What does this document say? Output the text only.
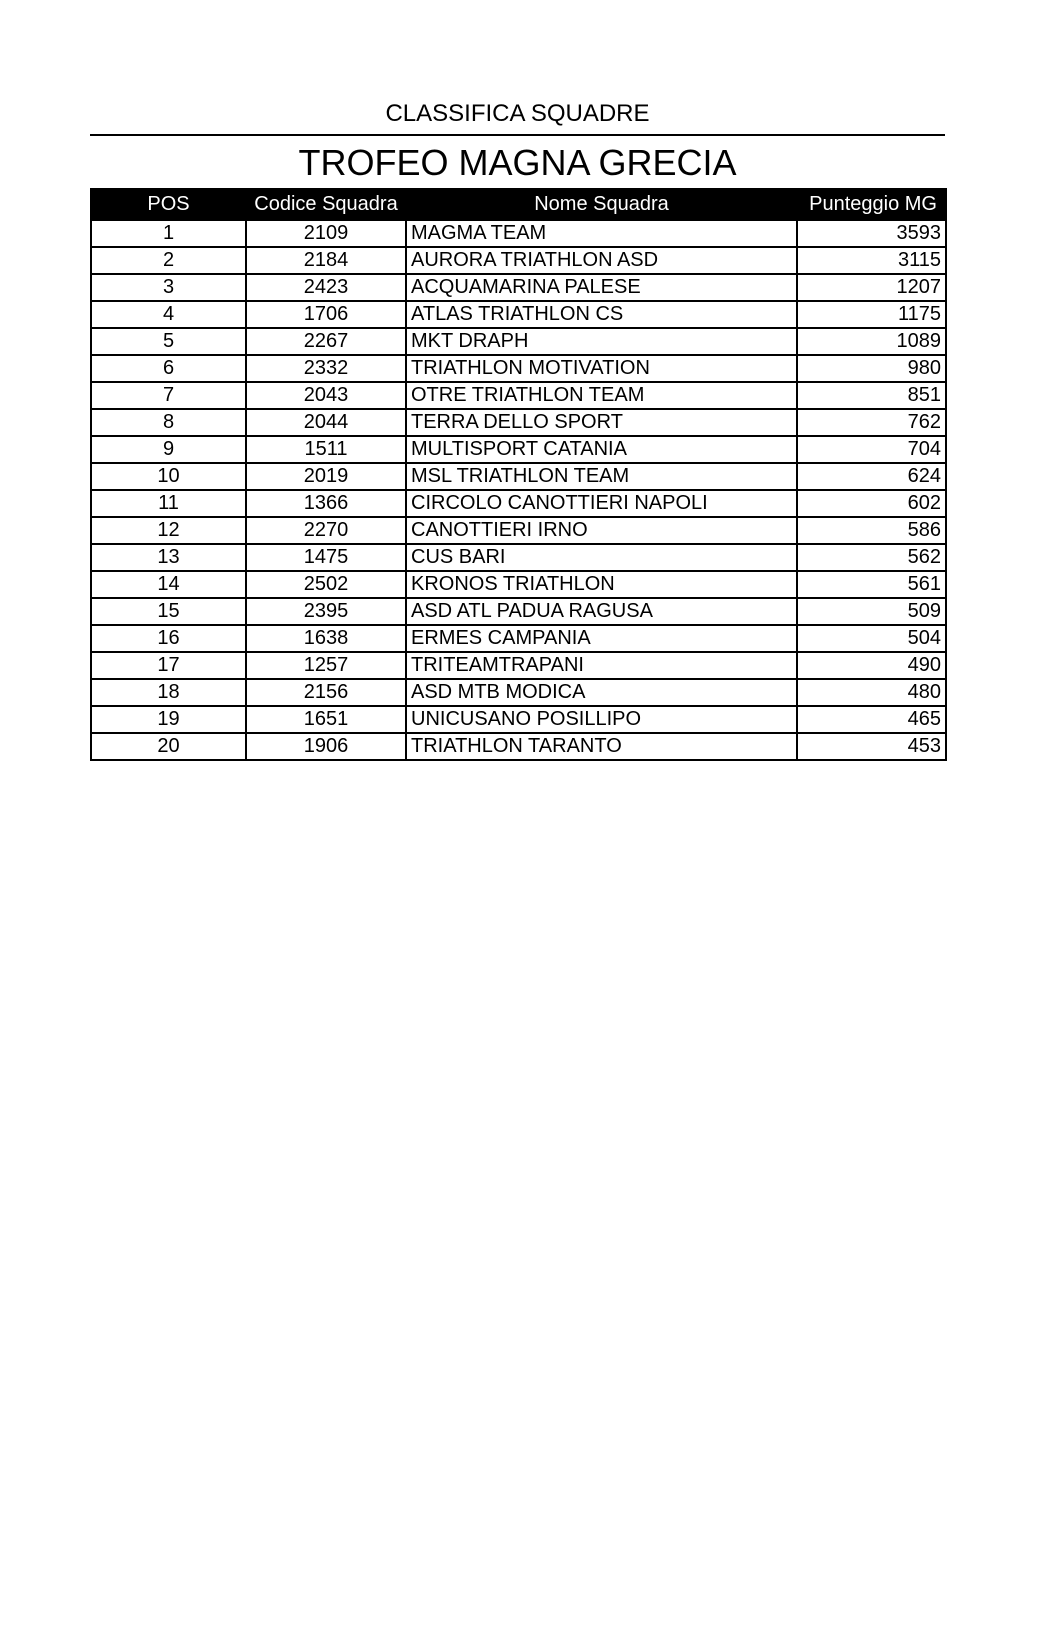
CLASSIFICA SQUADRE
TROFEO MAGNA GRECIA
POS	Codice Squadra	Nome Squadra	Punteggio MG
1	2109	MAGMA TEAM	3593
2	2184	AURORA TRIATHLON ASD	3115
3	2423	ACQUAMARINA PALESE	1207
4	1706	ATLAS TRIATHLON CS	1175
5	2267	MKT DRAPH	1089
6	2332	TRIATHLON MOTIVATION	980
7	2043	OTRE TRIATHLON TEAM	851
8	2044	TERRA DELLO SPORT	762
9	1511	MULTISPORT CATANIA	704
10	2019	MSL TRIATHLON TEAM	624
11	1366	CIRCOLO CANOTTIERI NAPOLI	602
12	2270	CANOTTIERI IRNO	586
13	1475	CUS BARI	562
14	2502	KRONOS TRIATHLON	561
15	2395	ASD ATL PADUA RAGUSA	509
16	1638	ERMES CAMPANIA	504
17	1257	TRITEAMTRAPANI	490
18	2156	ASD MTB MODICA	480
19	1651	UNICUSANO POSILLIPO	465
20	1906	TRIATHLON TARANTO	453
